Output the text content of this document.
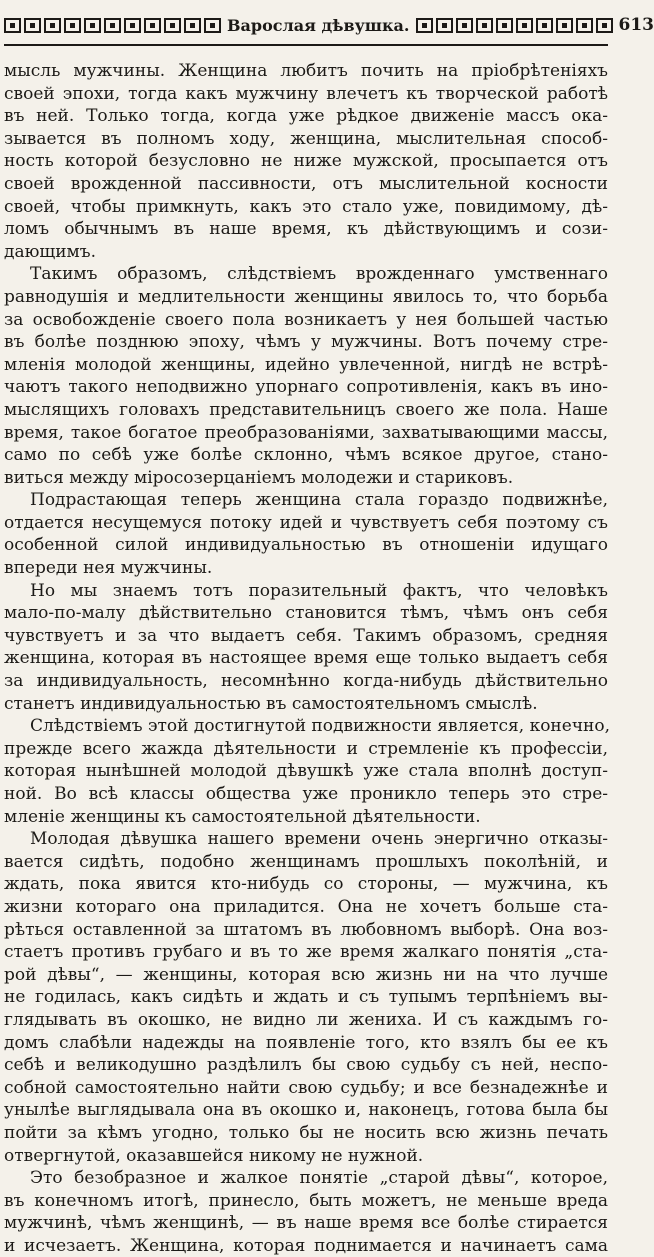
Варослая дѣвушка.	613
мысль мужчины. Женщина любитъ почить на пріобрѣтеніяхъ
своей эпохи, тогда какъ мужчину влечетъ къ творческой работѣ
въ ней. Только тогда, когда уже рѣдкое движеніе массъ ока-
зывается въ полномъ ходу, женщина, мыслительная способ-
ность которой безусловно не ниже мужской, просыпается отъ
своей врожденной пассивности, отъ мыслительной косности
своей, чтобы примкнуть, какъ это стало уже, повидимому, дѣ-
ломъ обычнымъ въ наше время, къ дѣйствующимъ и сози-
дающимъ.
Такимъ образомъ, слѣдствіемъ врожденнаго умственнаго
равнодушія и медлительности женщины явилось то, что борьба
за освобожденіе своего пола возникаетъ у нея большей частью
въ болѣе позднюю эпоху, чѣмъ у мужчины. Вотъ почему стре-
мленія молодой женщины, идейно увлеченной, нигдѣ не встрѣ-
чаютъ такого неподвижно упорнаго сопротивленія, какъ въ ино-
мыслящихъ головахъ представительницъ своего же пола. Наше
время, такое богатое преобразованіями, захватывающими массы,
само по себѣ уже болѣе склонно, чѣмъ всякое другое, стано-
виться между міросозерцаніемъ молодежи и стариковъ.
Подрастающая теперь женщина стала гораздо подвижнѣе,
отдается несущемуся потоку идей и чувствуетъ себя поэтому съ
особенной силой индивидуальностью въ отношеніи идущаго
впереди нея мужчины.
Но мы знаемъ тотъ поразительный фактъ, что человѣкъ
мало-по-малу дѣйствительно становится тѣмъ, чѣмъ онъ себя
чувствуетъ и за что выдаетъ себя. Такимъ образомъ, средняя
женщина, которая въ настоящее время еще только выдаетъ себя
за индивидуальность, несомнѣнно когда-нибудь дѣйствительно
станетъ индивидуальностью въ самостоятельномъ смыслѣ.
Слѣдствіемъ этой достигнутой подвижности является, конечно,
прежде всего жажда дѣятельности и стремленіе къ профессіи,
которая нынѣшней молодой дѣвушкѣ уже стала вполнѣ доступ-
ной. Во всѣ классы общества уже проникло теперь это стре-
мленіе женщины къ самостоятельной дѣятельности.
Молодая дѣвушка нашего времени очень энергично отказы-
вается сидѣть, подобно женщинамъ прошлыхъ поколѣній, и
ждать, пока явится кто-нибудь со стороны, — мужчина, къ
жизни котораго она приладится. Она не хочетъ больше ста-
рѣться оставленной за штатомъ въ любовномъ выборѣ. Она воз-
стаетъ противъ грубаго и въ то же время жалкаго понятія „ста-
рой дѣвы“, — женщины, которая всю жизнь ни на что лучше
не годилась, какъ сидѣть и ждать и съ тупымъ терпѣніемъ вы-
глядывать въ окошко, не видно ли жениха. И съ каждымъ го-
домъ слабѣли надежды на появленіе того, кто взялъ бы ее къ
себѣ и великодушно раздѣлилъ бы свою судьбу съ ней, неспо-
собной самостоятельно найти свою судьбу; и все безнадежнѣе и
унылѣе выглядывала она въ окошко и, наконецъ, готова была бы
пойти за кѣмъ угодно, только бы не носить всю жизнь печать
отвергнутой, оказавшейся никому не нужной.
Это безобразное и жалкое понятіе „старой дѣвы“, которое,
въ конечномъ итогѣ, принесло, быть можетъ, не меньше вреда
мужчинѣ, чѣмъ женщинѣ, — въ наше время все болѣе стирается
и исчезаетъ. Женщина, которая поднимается и начинаетъ сама
